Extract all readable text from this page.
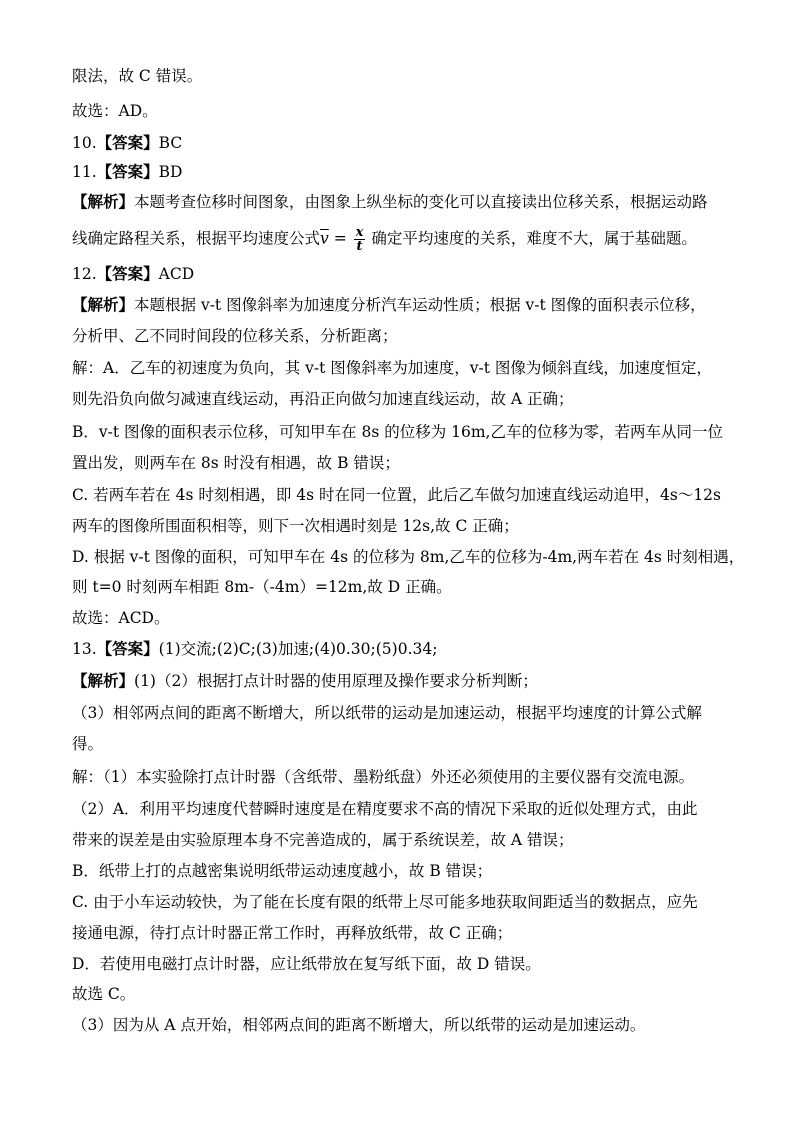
限法，故 C 错误。
故选：AD。
10.【答案】BC
11.【答案】BD
【解析】本题考查位移时间图象，由图象上纵坐标的变化可以直接读出位移关系，根据运动路
线确定路程关系，根据平均速度公式$\overline{v} = \frac{x}{t}$ 确定平均速度的关系，难度不大，属于基础题。
12.【答案】ACD
【解析】本题根据 v-t 图像斜率为加速度分析汽车运动性质；根据 v-t 图像的面积表示位移，
分析甲、乙不同时间段的位移关系，分析距离；
解：A．乙车的初速度为负向，其 v-t 图像斜率为加速度，v-t 图像为倾斜直线，加速度恒定，
则先沿负向做匀减速直线运动，再沿正向做匀加速直线运动，故 A 正确；
B．v-t 图像的面积表示位移，可知甲车在 8s 的位移为 16m,乙车的位移为零，若两车从同一位
置出发，则两车在 8s 时没有相遇，故 B 错误；
C. 若两车若在 4s 时刻相遇，即 4s 时在同一位置，此后乙车做匀加速直线运动追甲，4s～12s
两车的图像所围面积相等，则下一次相遇时刻是 12s,故 C 正确；
D. 根据 v-t 图像的面积，可知甲车在 4s 的位移为 8m,乙车的位移为-4m,两车若在 4s 时刻相遇，
则 t=0 时刻两车相距 8m-（-4m）=12m,故 D 正确。
故选：ACD。
13.【答案】(1)交流;(2)C;(3)加速;(4)0.30;(5)0.34;
【解析】(1)（2）根据打点计时器的使用原理及操作要求分析判断；
（3）相邻两点间的距离不断增大，所以纸带的运动是加速运动，根据平均速度的计算公式解
得。
解：（1）本实验除打点计时器（含纸带、墨粉纸盘）外还必须使用的主要仪器有交流电源。
（2）A．利用平均速度代替瞬时速度是在精度要求不高的情况下采取的近似处理方式，由此
带来的误差是由实验原理本身不完善造成的，属于系统误差，故 A 错误；
B．纸带上打的点越密集说明纸带运动速度越小，故 B 错误；
C. 由于小车运动较快，为了能在长度有限的纸带上尽可能多地获取间距适当的数据点，应先
接通电源，待打点计时器正常工作时，再释放纸带，故 C 正确；
D．若使用电磁打点计时器，应让纸带放在复写纸下面，故 D 错误。
故选 C。
（3）因为从 A 点开始，相邻两点间的距离不断增大，所以纸带的运动是加速运动。
